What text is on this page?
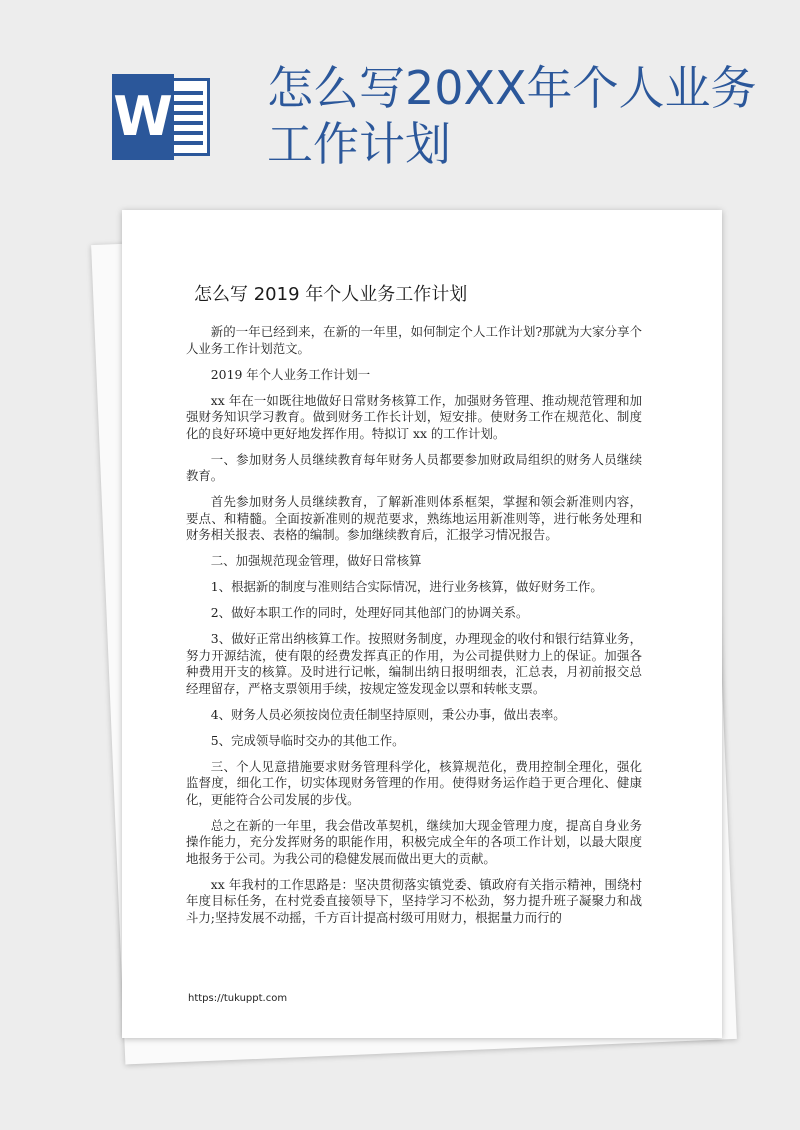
W 怎么写20XX年个人业务工作计划
怎么写 2019 年个人业务工作计划

新的一年已经到来，在新的一年里，如何制定个人工作计划?那就为大家分享个人业务工作计划范文。

2019 年个人业务工作计划一

xx 年在一如既往地做好日常财务核算工作，加强财务管理、推动规范管理和加强财务知识学习教育。做到财务工作长计划，短安排。使财务工作在规范化、制度化的良好环境中更好地发挥作用。特拟订 xx 的工作计划。

一、参加财务人员继续教育每年财务人员都要参加财政局组织的财务人员继续教育。

首先参加财务人员继续教育，了解新准则体系框架，掌握和领会新准则内容，要点、和精髓。全面按新准则的规范要求，熟练地运用新准则等，进行帐务处理和财务相关报表、表格的编制。参加继续教育后，汇报学习情况报告。

二、加强规范现金管理，做好日常核算

1、根据新的制度与准则结合实际情况，进行业务核算，做好财务工作。

2、做好本职工作的同时，处理好同其他部门的协调关系。

3、做好正常出纳核算工作。按照财务制度，办理现金的收付和银行结算业务，努力开源结流，使有限的经费发挥真正的作用，为公司提供财力上的保证。加强各种费用开支的核算。及时进行记帐，编制出纳日报明细表，汇总表，月初前报交总经理留存，严格支票领用手续，按规定签发现金以票和转帐支票。

4、财务人员必须按岗位责任制坚持原则，秉公办事，做出表率。

5、完成领导临时交办的其他工作。

三、个人见意措施要求财务管理科学化，核算规范化，费用控制全理化，强化监督度，细化工作，切实体现财务管理的作用。使得财务运作趋于更合理化、健康化，更能符合公司发展的步伐。

总之在新的一年里，我会借改革契机，继续加大现金管理力度，提高自身业务操作能力，充分发挥财务的职能作用，积极完成全年的各项工作计划，以最大限度地报务于公司。为我公司的稳健发展而做出更大的贡献。

xx 年我村的工作思路是：坚决贯彻落实镇党委、镇政府有关指示精神，围绕村年度目标任务，在村党委直接领导下，坚持学习不松劲，努力提升班子凝聚力和战斗力;坚持发展不动摇，千方百计提高村级可用财力，根据量力而行的

https://tukuppt.com
